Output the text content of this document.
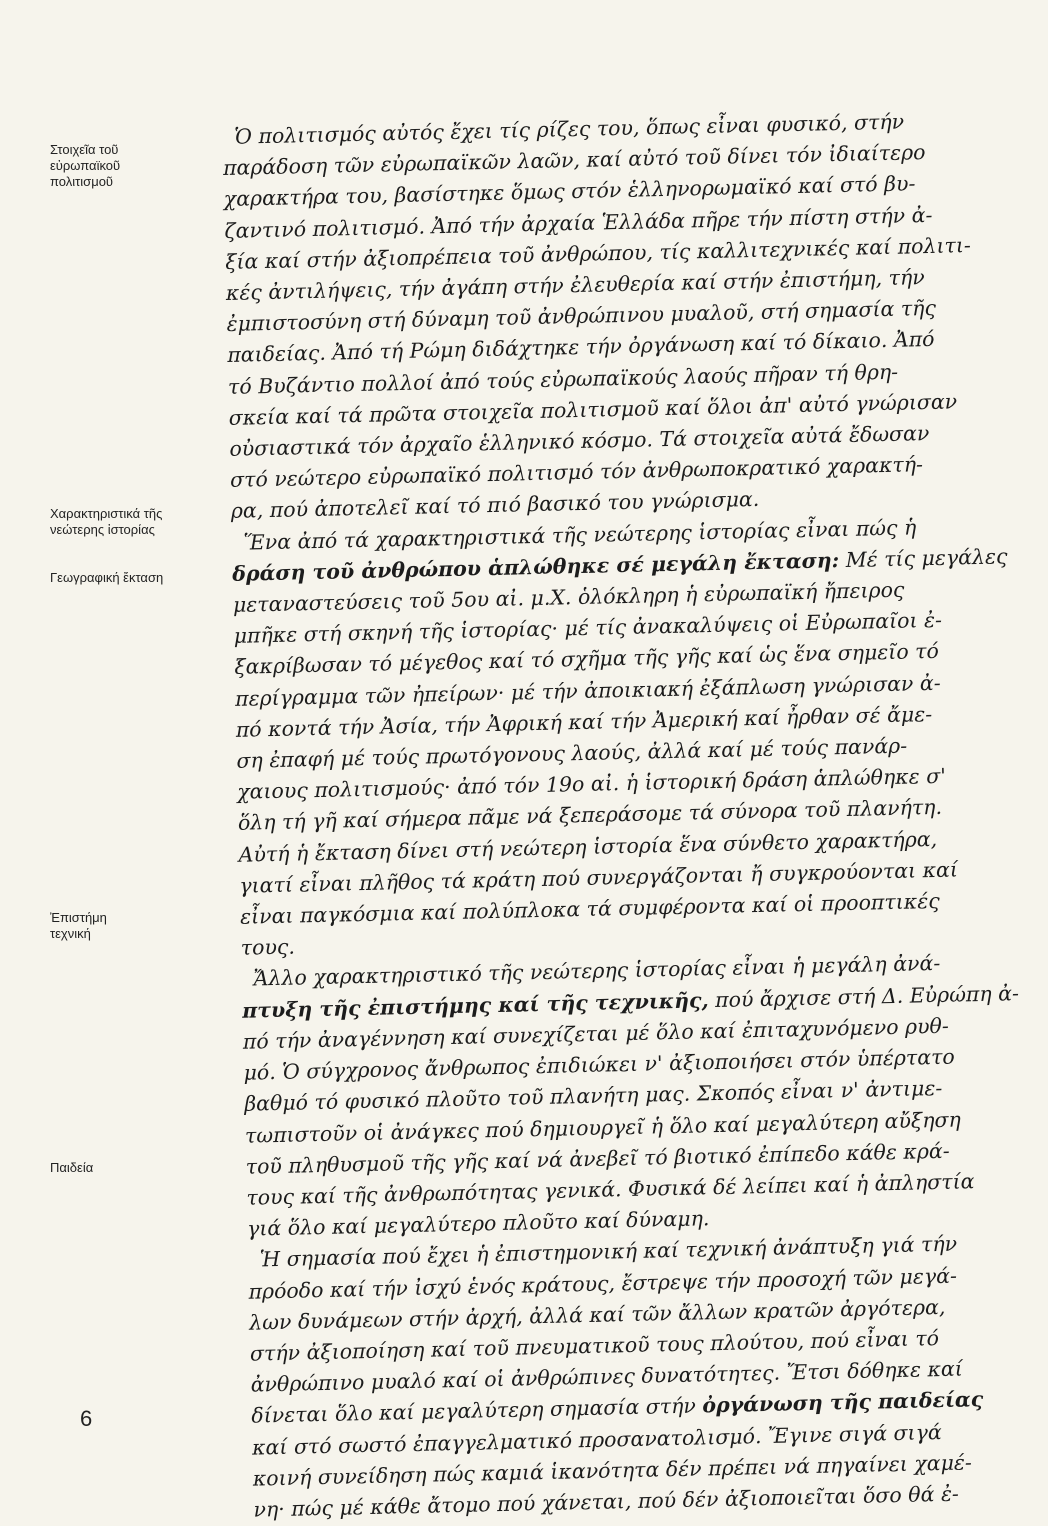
Στοιχεῖα τοῦ
εὐρωπαϊκοῦ
πολιτισμοῦ
Χαρακτηριστικά τῆς
νεώτερης ἱστορίας
Γεωγραφική ἔκταση
Ἐπιστήμη
τεχνική
Παιδεία
6

Ὁ πολιτισμός αὐτός ἔχει τίς ρίζες του, ὅπως εἶναι φυσικό, στήν
παράδοση τῶν εὐρωπαϊκῶν λαῶν, καί αὐτό τοῦ δίνει τόν ἰδιαίτερο
χαρακτήρα του, βασίστηκε ὅμως στόν ἑλληνορωμαϊκό καί στό βυ-
ζαντινό πολιτισμό. Ἀπό τήν ἀρχαία Ἑλλάδα πῆρε τήν πίστη στήν ἀ-
ξία καί στήν ἀξιοπρέπεια τοῦ ἀνθρώπου, τίς καλλιτεχνικές καί πολιτι-
κές ἀντιλήψεις, τήν ἀγάπη στήν ἐλευθερία καί στήν ἐπιστήμη, τήν
ἐμπιστοσύνη στή δύναμη τοῦ ἀνθρώπινου μυαλοῦ, στή σημασία τῆς
παιδείας. Ἀπό τή Ρώμη διδάχτηκε τήν ὀργάνωση καί τό δίκαιο. Ἀπό
τό Βυζάντιο πολλοί ἀπό τούς εὐρωπαϊκούς λαούς πῆραν τή θρη-
σκεία καί τά πρῶτα στοιχεῖα πολιτισμοῦ καί ὅλοι ἀπ' αὐτό γνώρισαν
οὐσιαστικά τόν ἀρχαῖο ἑλληνικό κόσμο. Τά στοιχεῖα αὐτά ἔδωσαν
στό νεώτερο εὐρωπαϊκό πολιτισμό τόν ἀνθρωποκρατικό χαρακτή-
ρα, πού ἀποτελεῖ καί τό πιό βασικό του γνώρισμα.

Ἕνα ἀπό τά χαρακτηριστικά τῆς νεώτερης ἱστορίας εἶναι πώς ἡ
δράση τοῦ ἀνθρώπου ἁπλώθηκε σέ μεγάλη ἔκταση: Μέ τίς μεγάλες
μεταναστεύσεις τοῦ 5ου αἰ. μ.Χ. ὁλόκληρη ἡ εὐρωπαϊκή ἤπειρος
μπῆκε στή σκηνή τῆς ἱστορίας· μέ τίς ἀνακαλύψεις οἱ Εὐρωπαῖοι ἐ-
ξακρίβωσαν τό μέγεθος καί τό σχῆμα τῆς γῆς καί ὡς ἕνα σημεῖο τό
περίγραμμα τῶν ἠπείρων· μέ τήν ἀποικιακή ἐξάπλωση γνώρισαν ἀ-
πό κοντά τήν Ἀσία, τήν Ἀφρική καί τήν Ἀμερική καί ἦρθαν σέ ἄμε-
ση ἐπαφή μέ τούς πρωτόγονους λαούς, ἀλλά καί μέ τούς πανάρ-
χαιους πολιτισμούς· ἀπό τόν 19ο αἰ. ἡ ἱστορική δράση ἁπλώθηκε σ'
ὅλη τή γῆ καί σήμερα πᾶμε νά ξεπεράσομε τά σύνορα τοῦ πλανήτη.
Αὐτή ἡ ἔκταση δίνει στή νεώτερη ἱστορία ἕνα σύνθετο χαρακτήρα,
γιατί εἶναι πλῆθος τά κράτη πού συνεργάζονται ἤ συγκρούονται καί
εἶναι παγκόσμια καί πολύπλοκα τά συμφέροντα καί οἱ προοπτικές
τους.

Ἄλλο χαρακτηριστικό τῆς νεώτερης ἱστορίας εἶναι ἡ μεγάλη ἀνά-
πτυξη τῆς ἐπιστήμης καί τῆς τεχνικῆς, πού ἄρχισε στή Δ. Εὐρώπη ἀ-
πό τήν ἀναγέννηση καί συνεχίζεται μέ ὅλο καί ἐπιταχυνόμενο ρυθ-
μό. Ὁ σύγχρονος ἄνθρωπος ἐπιδιώκει ν' ἀξιοποιήσει στόν ὑπέρτατο
βαθμό τό φυσικό πλοῦτο τοῦ πλανήτη μας. Σκοπός εἶναι ν' ἀντιμε-
τωπιστοῦν οἱ ἀνάγκες πού δημιουργεῖ ἡ ὅλο καί μεγαλύτερη αὔξηση
τοῦ πληθυσμοῦ τῆς γῆς καί νά ἀνεβεῖ τό βιοτικό ἐπίπεδο κάθε κρά-
τους καί τῆς ἀνθρωπότητας γενικά. Φυσικά δέ λείπει καί ἡ ἀπληστία
γιά ὅλο καί μεγαλύτερο πλοῦτο καί δύναμη.

Ἡ σημασία πού ἔχει ἡ ἐπιστημονική καί τεχνική ἀνάπτυξη γιά τήν
πρόοδο καί τήν ἰσχύ ἑνός κράτους, ἔστρεψε τήν προσοχή τῶν μεγά-
λων δυνάμεων στήν ἀρχή, ἀλλά καί τῶν ἄλλων κρατῶν ἀργότερα,
στήν ἀξιοποίηση καί τοῦ πνευματικοῦ τους πλούτου, πού εἶναι τό
ἀνθρώπινο μυαλό καί οἱ ἀνθρώπινες δυνατότητες. Ἔτσι δόθηκε καί
δίνεται ὅλο καί μεγαλύτερη σημασία στήν ὀργάνωση τῆς παιδείας
καί στό σωστό ἐπαγγελματικό προσανατολισμό. Ἔγινε σιγά σιγά
κοινή συνείδηση πώς καμιά ἱκανότητα δέν πρέπει νά πηγαίνει χαμέ-
νη· πώς μέ κάθε ἄτομο πού χάνεται, πού δέν ἀξιοποιεῖται ὅσο θά ἐ-
